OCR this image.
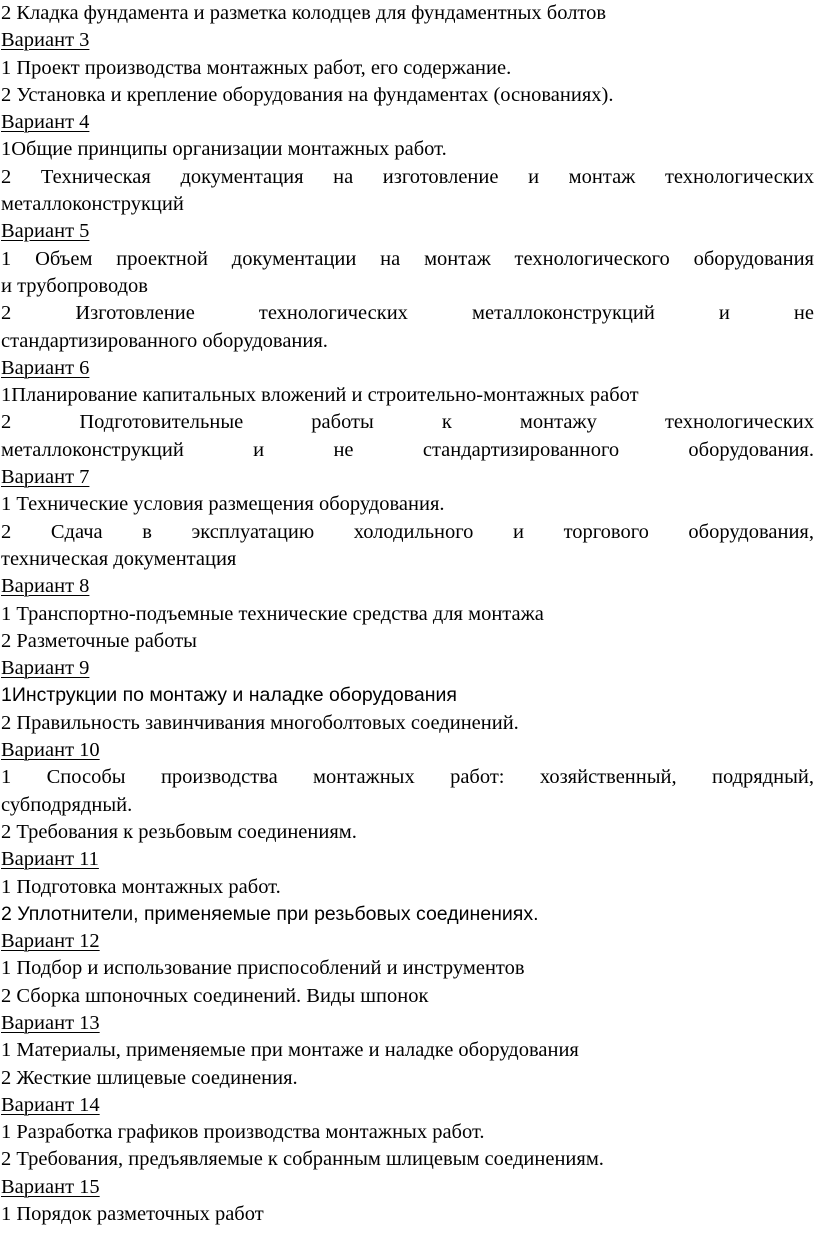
2 Кладка фундамента и разметка колодцев для фундаментных болтов

Вариант 3

1 Проект производства монтажных работ, его содержание.

2 Установка и крепление оборудования на фундаментах (основаниях).

Вариант 4

1Общие принципы организации монтажных работ.

2 Техническая документация на изготовление и монтаж технологических

металлоконструкций

Вариант 5

1 Объем проектной документации на монтаж технологического оборудования

и трубопроводов

2 Изготовление технологических металлоконструкций и не

стандартизированного оборудования.

Вариант 6

1Планирование капитальных вложений и строительно-монтажных работ

2 Подготовительные работы к монтажу технологических

металлоконструкций и не стандартизированного оборудования.

Вариант 7

1 Технические условия размещения оборудования.

2 Сдача в эксплуатацию холодильного и торгового оборудования,

техническая документация

Вариант 8

1 Транспортно-подъемные технические средства для монтажа

2 Разметочные работы

Вариант 9

1Инструкции по монтажу и наладке оборудования

2 Правильность завинчивания многоболтовых соединений.

Вариант 10

1 Способы производства монтажных работ: хозяйственный, подрядный,

субподрядный.

2 Требования к резьбовым соединениям.

Вариант 11

1 Подготовка монтажных работ.

2 Уплотнители, применяемые при резьбовых соединениях.

Вариант 12

1 Подбор и использование приспособлений и инструментов

2 Сборка шпоночных соединений. Виды шпонок

Вариант 13

1 Материалы, применяемые при монтаже и наладке оборудования

2 Жесткие шлицевые соединения.

Вариант 14

1 Разработка графиков производства монтажных работ.

2 Требования, предъявляемые к собранным шлицевым соединениям.

Вариант 15

1 Порядок разметочных работ
